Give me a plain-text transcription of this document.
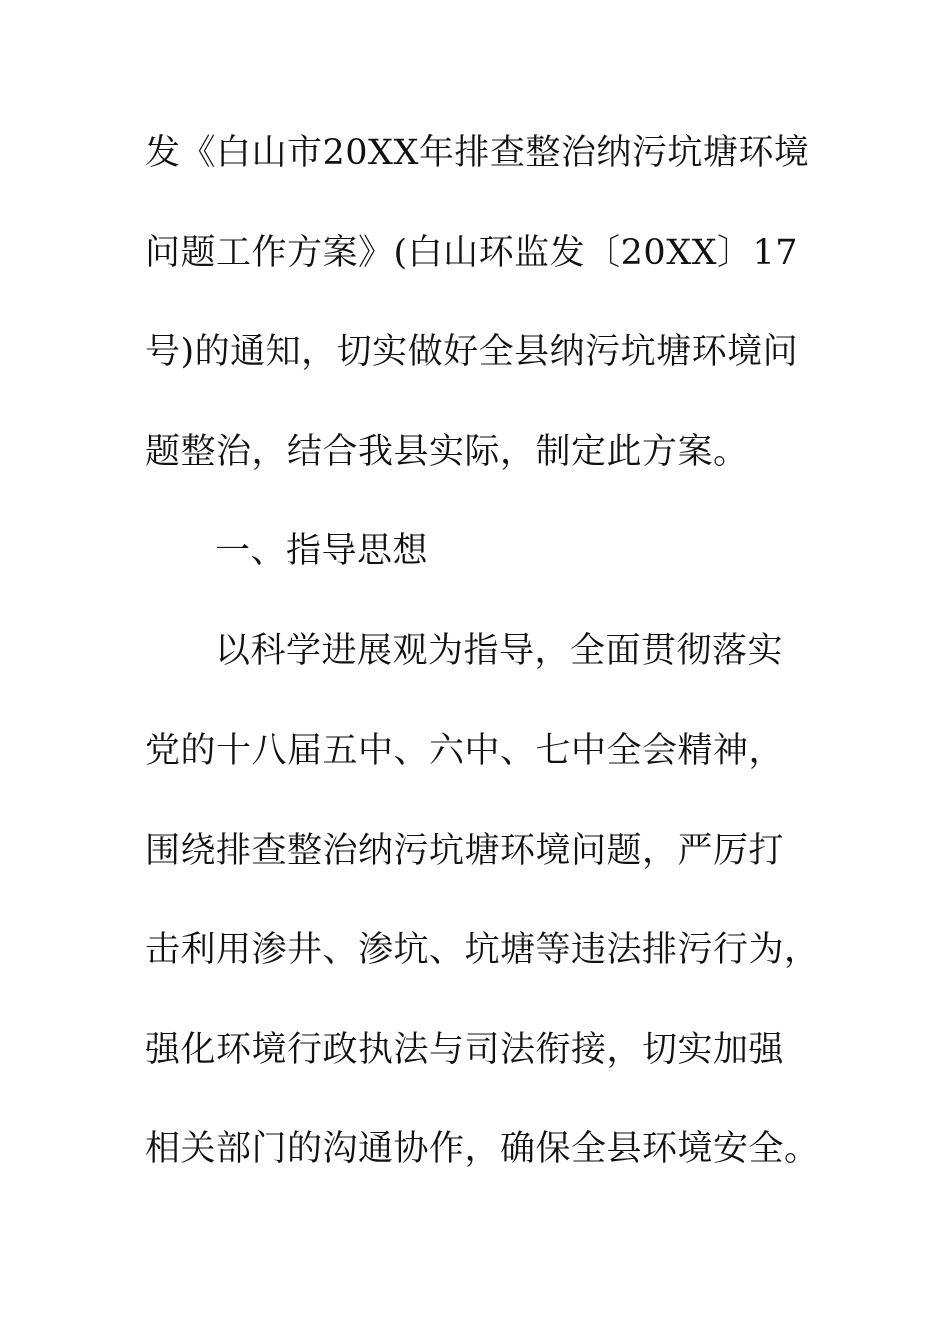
发《白山市20XX年排查整治纳污坑塘环境
问题工作方案》(白山环监发〔20XX〕17
号)的通知，切实做好全县纳污坑塘环境问
题整治，结合我县实际，制定此方案。
一、指导思想
以科学进展观为指导，全面贯彻落实
党的十八届五中、六中、七中全会精神，
围绕排查整治纳污坑塘环境问题，严厉打
击利用渗井、渗坑、坑塘等违法排污行为，
强化环境行政执法与司法衔接，切实加强
相关部门的沟通协作，确保全县环境安全。
